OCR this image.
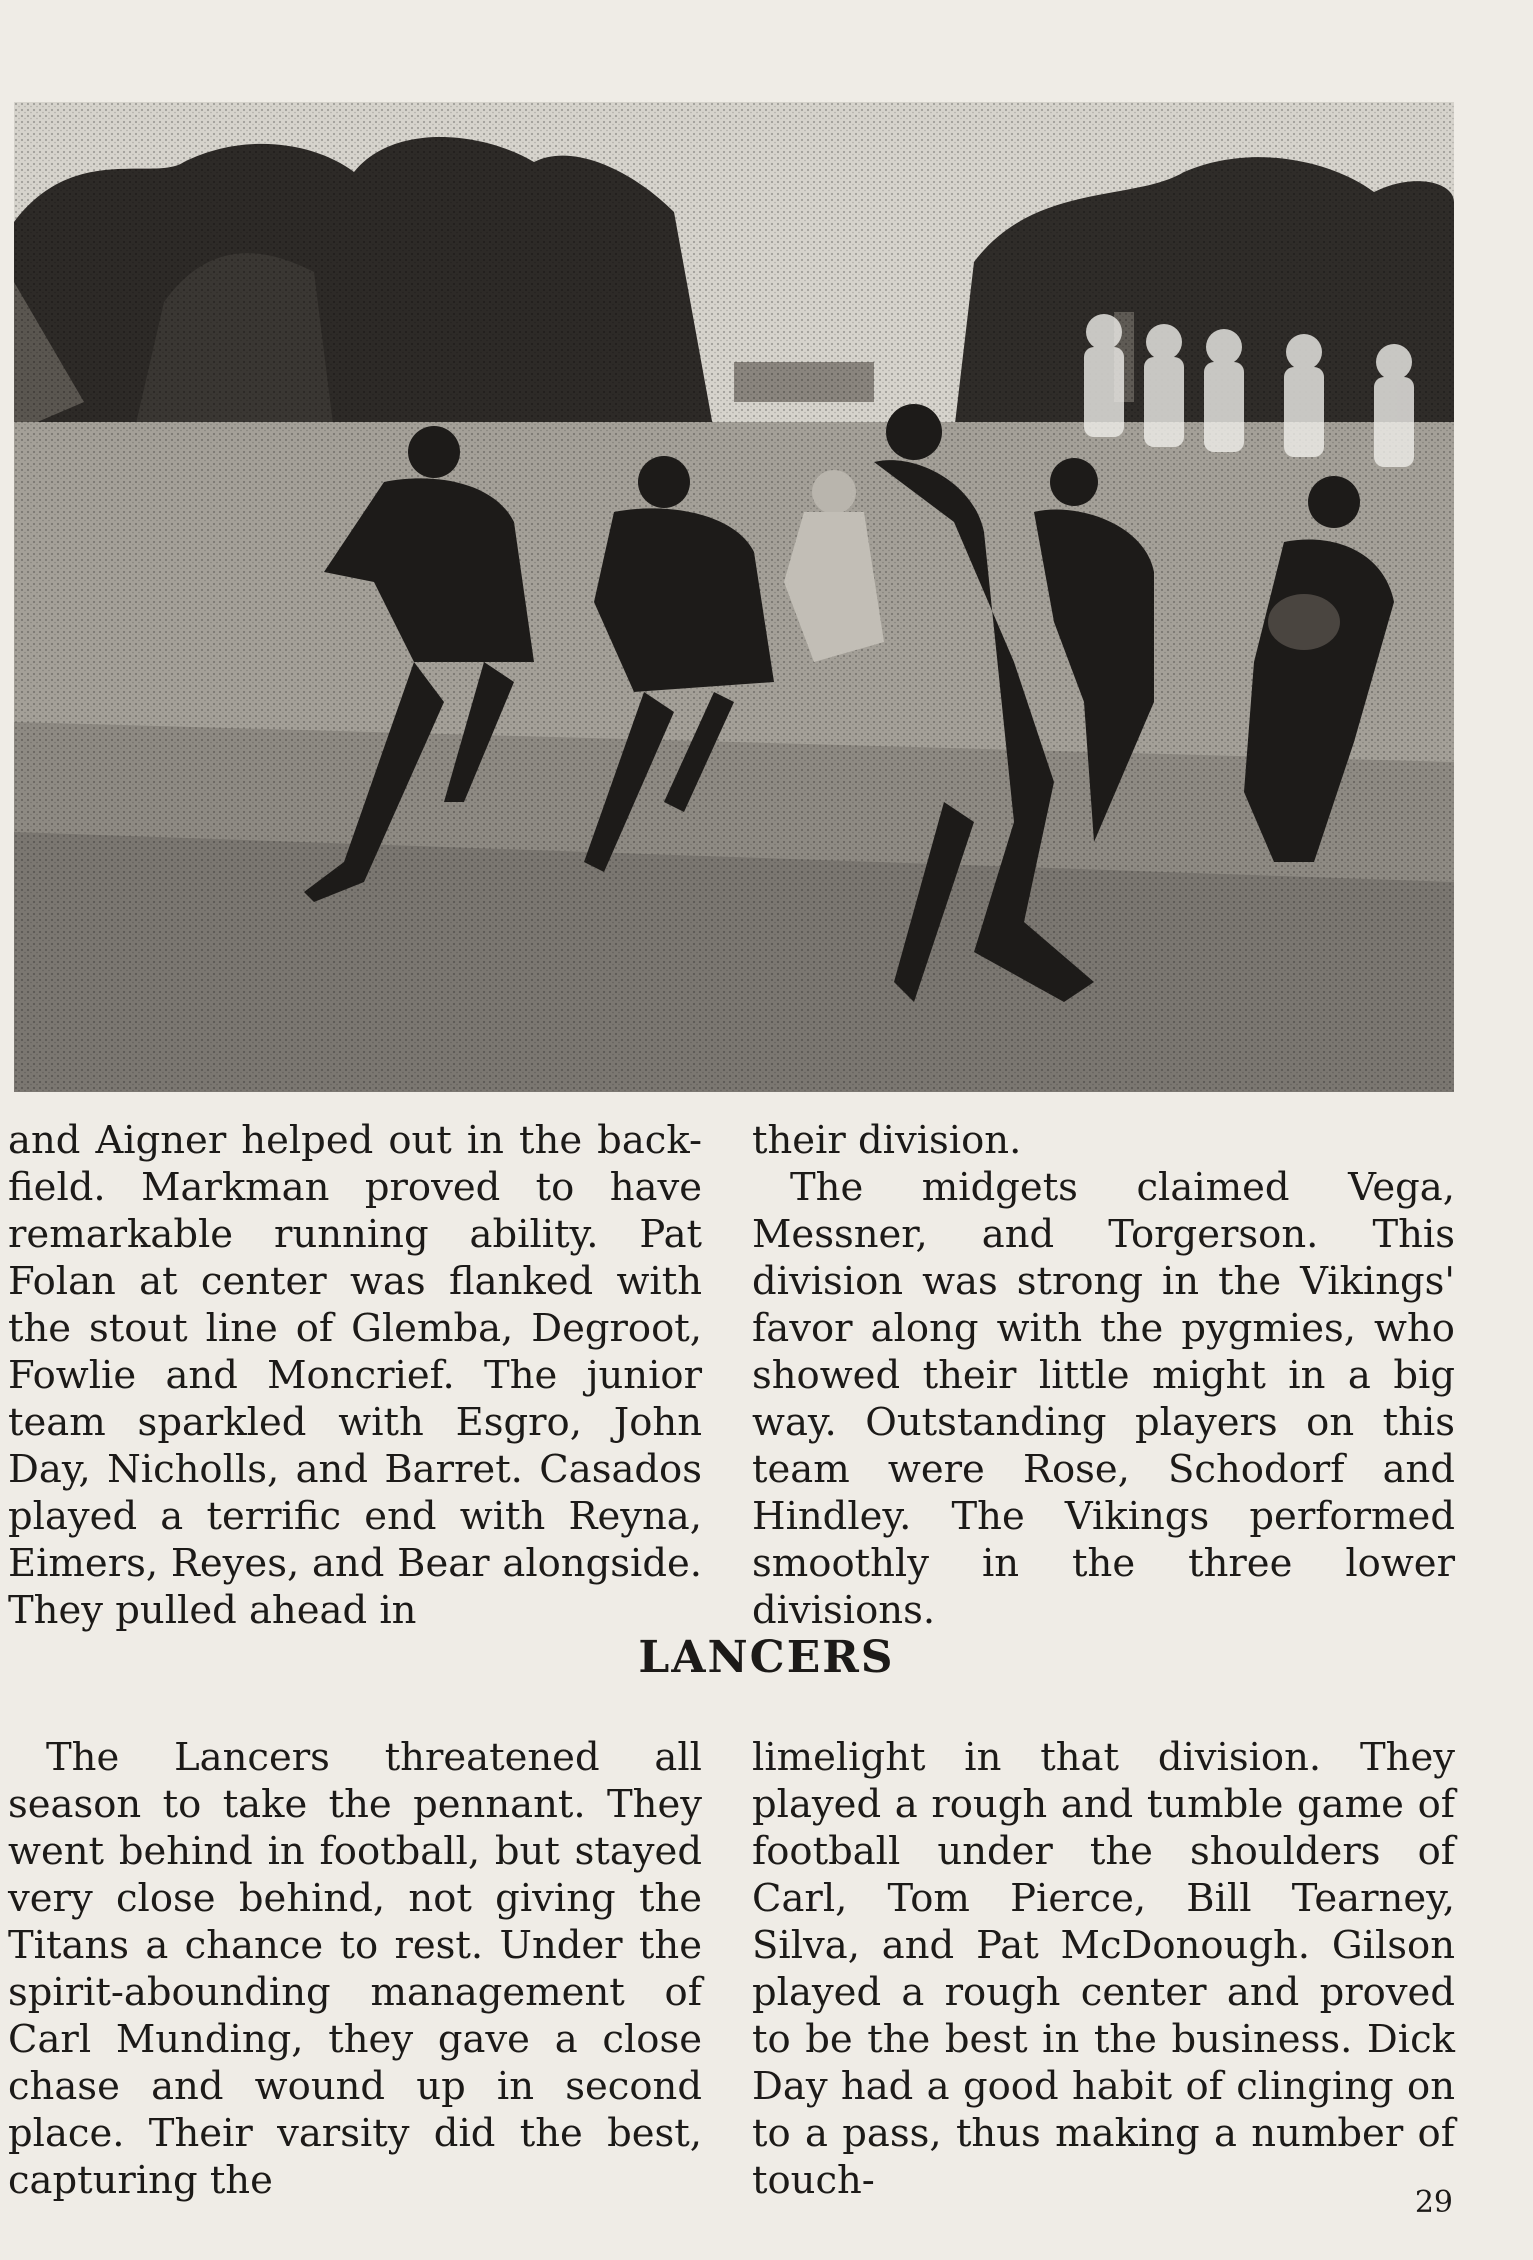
and Aigner helped out in the back-field. Markman proved to have remarkable running ability. Pat Folan at center was flanked with the stout line of Glemba, Degroot, Fowlie and Moncrief. The junior team sparkled with Esgro, John Day, Nicholls, and Barret. Casados played a terrific end with Reyna, Eimers, Reyes, and Bear alongside. They pulled ahead in

their division.

The midgets claimed Vega, Messner, and Torgerson. This division was strong in the Vikings' favor along with the pygmies, who showed their little might in a big way. Outstanding players on this team were Rose, Schodorf and Hindley. The Vikings performed smoothly in the three lower divisions.

LANCERS

The Lancers threatened all season to take the pennant. They went behind in football, but stayed very close behind, not giving the Titans a chance to rest. Under the spirit-abounding management of Carl Munding, they gave a close chase and wound up in second place. Their varsity did the best, capturing the

limelight in that division. They played a rough and tumble game of football under the shoulders of Carl, Tom Pierce, Bill Tearney, Silva, and Pat McDonough. Gilson played a rough center and proved to be the best in the business. Dick Day had a good habit of clinging on to a pass, thus making a number of touch-	29
